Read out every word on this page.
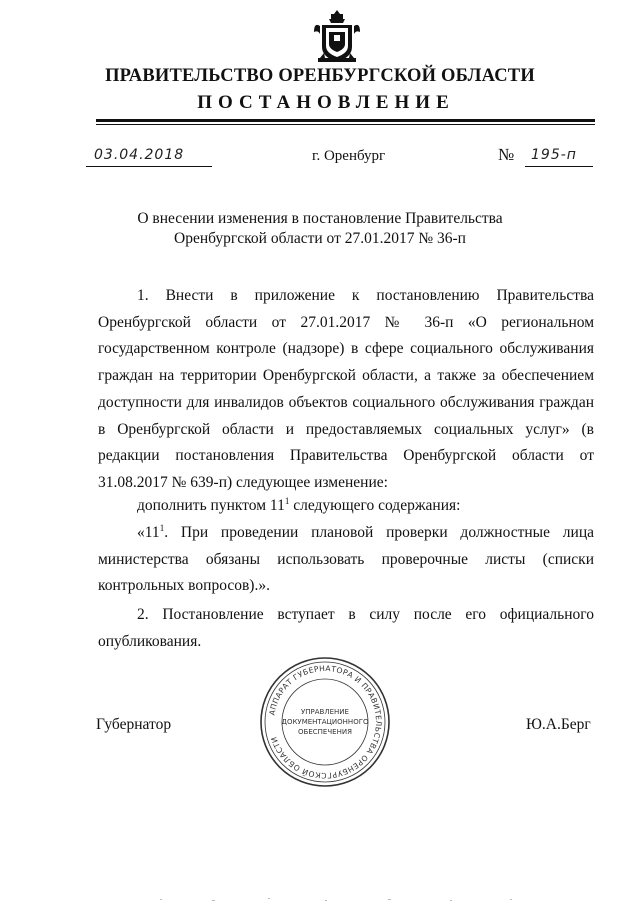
ПРАВИТЕЛЬСТВО ОРЕНБУРГСКОЙ ОБЛАСТИ
ПОСТАНОВЛЕНИЕ
03.04.2018	г. Оренбург	№ 195-п
О внесении изменения в постановление Правительства
Оренбургской области от 27.01.2017 № 36-п

1. Внести в приложение к постановлению Правительства Оренбургской области от 27.01.2017 № 36-п «О региональном государственном контроле (надзоре) в сфере социального обслуживания граждан на территории Оренбургской области, а также за обеспечением доступности для инвалидов объектов социального обслуживания граждан в Оренбургской области и предоставляемых социальных услуг» (в редакции постановления Правительства Оренбургской области от 31.08.2017 № 639-п) следующее изменение:

дополнить пунктом $11^1$ следующего содержания:

«$11^1$. При проведении плановой проверки должностные лица министерства обязаны использовать проверочные листы (списки контрольных вопросов).».

2. Постановление вступает в силу после его официального опубликования.

Губернатор	Ю.А.Берг
АППАРАТ ГУБЕРНАТОРА И ПРАВИТЕЛЬСТВА ОРЕНБУРГСКОЙ ОБЛАСТИ
УПРАВЛЕНИЕ
ДОКУМЕНТАЦИОННОГО
ОБЕСПЕЧЕНИЯ
